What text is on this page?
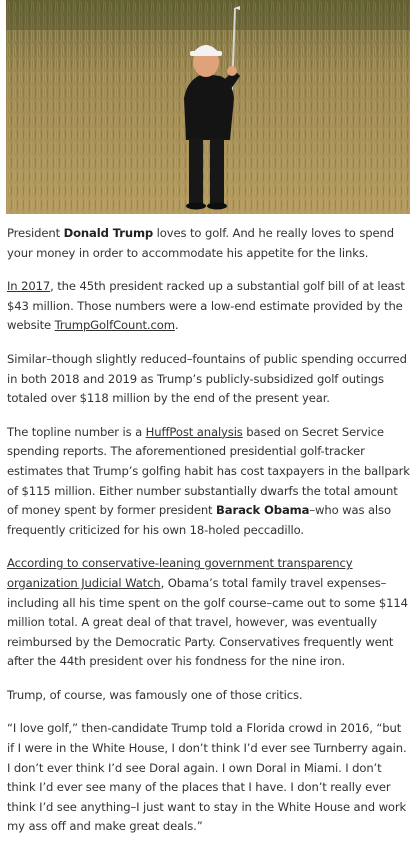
President Donald Trump loves to golf. And he really loves to spend your money in order to accommodate his appetite for the links.

In 2017, the 45th president racked up a substantial golf bill of at least $43 million. Those numbers were a low-end estimate provided by the website TrumpGolfCount.com.

Similar–though slightly reduced–fountains of public spending occurred in both 2018 and 2019 as Trump’s publicly-subsidized golf outings totaled over $118 million by the end of the present year.

The topline number is a HuffPost analysis based on Secret Service spending reports. The aforementioned presidential golf-tracker estimates that Trump’s golfing habit has cost taxpayers in the ballpark of $115 million. Either number substantially dwarfs the total amount of money spent by former president Barack Obama–who was also frequently criticized for his own 18-holed peccadillo.

According to conservative-leaning government transparency organization Judicial Watch, Obama’s total family travel expenses–including all his time spent on the golf course–came out to some $114 million total. A great deal of that travel, however, was eventually reimbursed by the Democratic Party. Conservatives frequently went after the 44th president over his fondness for the nine iron.

Trump, of course, was famously one of those critics.

“I love golf,” then-candidate Trump told a Florida crowd in 2016, “but if I were in the White House, I don’t think I’d ever see Turnberry again. I don’t ever think I’d see Doral again. I own Doral in Miami. I don’t think I’d ever see many of the places that I have. I don’t really ever think I’d see anything–I just want to stay in the White House and work my ass off and make great deals.”
